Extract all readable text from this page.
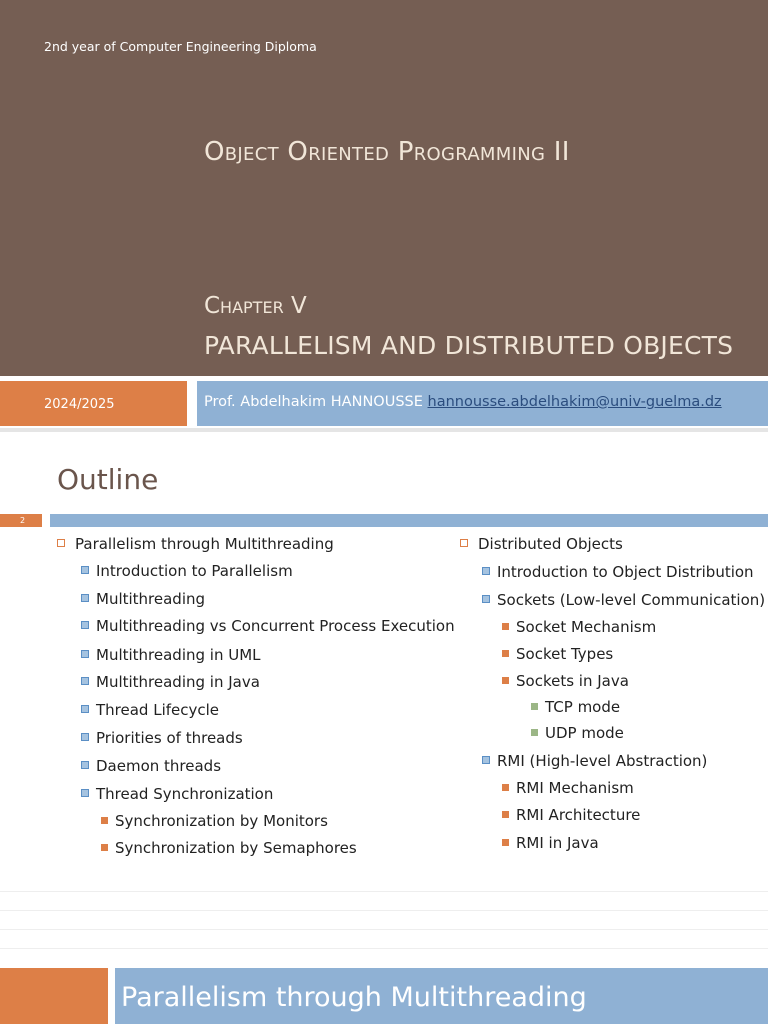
2nd year of Computer Engineering Diploma
Object Oriented Programming II
Chapter V
PARALLELISM AND DISTRIBUTED OBJECTS
2024/2025	Prof. Abdelhakim HANNOUSSE hannousse.abdelhakim@univ-guelma.dz
Outline
2
Parallelism through Multithreading
Introduction to Parallelism
Multithreading
Multithreading vs Concurrent Process Execution
Multithreading in UML
Multithreading in Java
Thread Lifecycle
Priorities of threads
Daemon threads
Thread Synchronization
Synchronization by Monitors
Synchronization by Semaphores
Distributed Objects
Introduction to Object Distribution
Sockets (Low-level Communication)
Socket Mechanism
Socket Types
Sockets in Java
TCP mode
UDP mode
RMI (High-level Abstraction)
RMI Mechanism
RMI Architecture
RMI in Java
Parallelism through Multithreading
